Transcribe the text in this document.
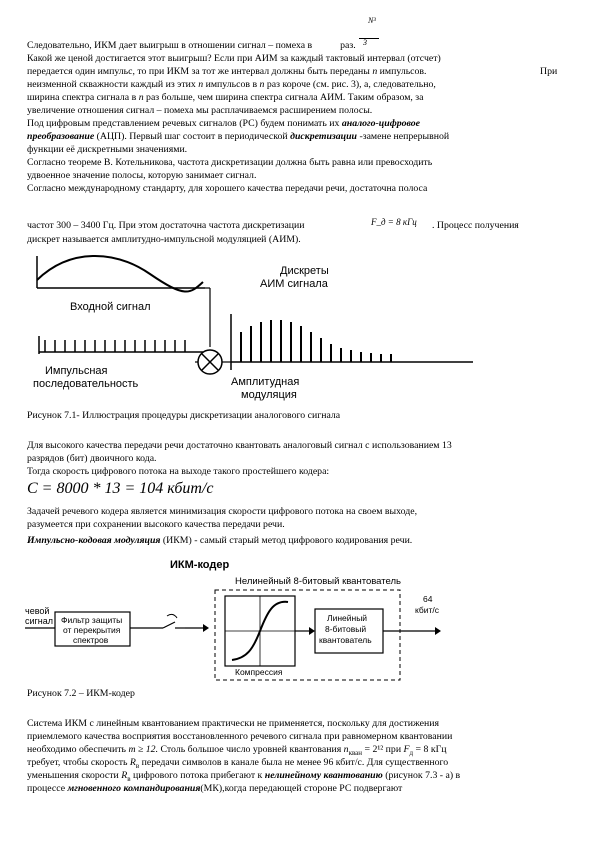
N³
3
Следовательно, ИКМ дает выигрыш в отношении сигнал – помеха в	раз.
Какой же ценой достигается этот выигрыш? Если при АИМ за каждый тактовый интервал (отсчет)
передается один импульс, то при ИКМ за тот же интервал должны быть переданы n импульсов.
неизменной скважности каждый из этих n импульсов в n раз короче (см. рис. 3), а, следовательно,
При
ширина спектра сигнала в n раз больше, чем ширина спектра сигнала АИМ. Таким образом, за
увеличение отношения сигнал – помеха мы расплачиваемся расширением полосы.
Под цифровым представлением речевых сигналов (РС) будем понимать их аналого-цифровое
преобразование (АЦП). Первый шаг состоит в периодической дискретизации -замене непрерывной
функции её дискретными значениями.
Согласно теореме В. Котельникова, частота дискретизации должна быть равна или превосходить
удвоенное значение полосы, которую занимает сигнал.
Согласно международному стандарту, для хорошего качества передачи речи, достаточна полоса
частот 300 – 3400 Гц. При этом достаточна частота дискретизации	F_д = 8 кГц . Процесс получения
дискрет называется амплитудно-импульсной модуляцией (АИМ).
Входной сигнал
Импульсная
последовательность
Дискреты
АИМ сигнала
Амплитудная
модуляция
Рисунок 7.1- Иллюстрация процедуры дискретизации аналогового сигнала
Для высокого качества передачи речи достаточно квантовать аналоговый сигнал с использованием 13
разрядов (бит) двоичного кода.
Тогда скорость цифрового потока на выходе такого простейшего кодера:
C = 8000 * 13 = 104 кбит/с
Задачей речевого кодера является минимизация скорости цифрового потока на своем выходе,
разумеется при сохранении высокого качества передачи речи.
Импульсно-кодовая модуляция (ИКМ) - самый старый метод цифрового кодирования речи.
ИКМ-кодер
Нелинейный 8-битовый квантователь
чевой
сигнал Фильтр защиты
от перекрытия
спектров
Компрессия
Линейный
8-битовый
квантователь
64
кбит/с
Рисунок 7.2 – ИКМ-кодер
Система ИКМ с линейным квантованием практически не применяется, поскольку для достижения
приемлемого качества восприятия восстановленного речевого сигнала при равномерном квантовании
необходимо обеспечить m ≥ 12. Столь большое число уровней квантования $n_{кван} = 2^{12}$ при $F_д = 8$ кГц
требует, чтобы скорость $R_в$ передачи символов в канале была не менее 96 кбит/с. Для существенного
уменьшения скорости $R_в$ цифрового потока прибегают к нелинейному квантованию (рисунок 7.3 - а) в
процессе мгновенного компандирования(МК),когда передающей стороне РС подвергают
